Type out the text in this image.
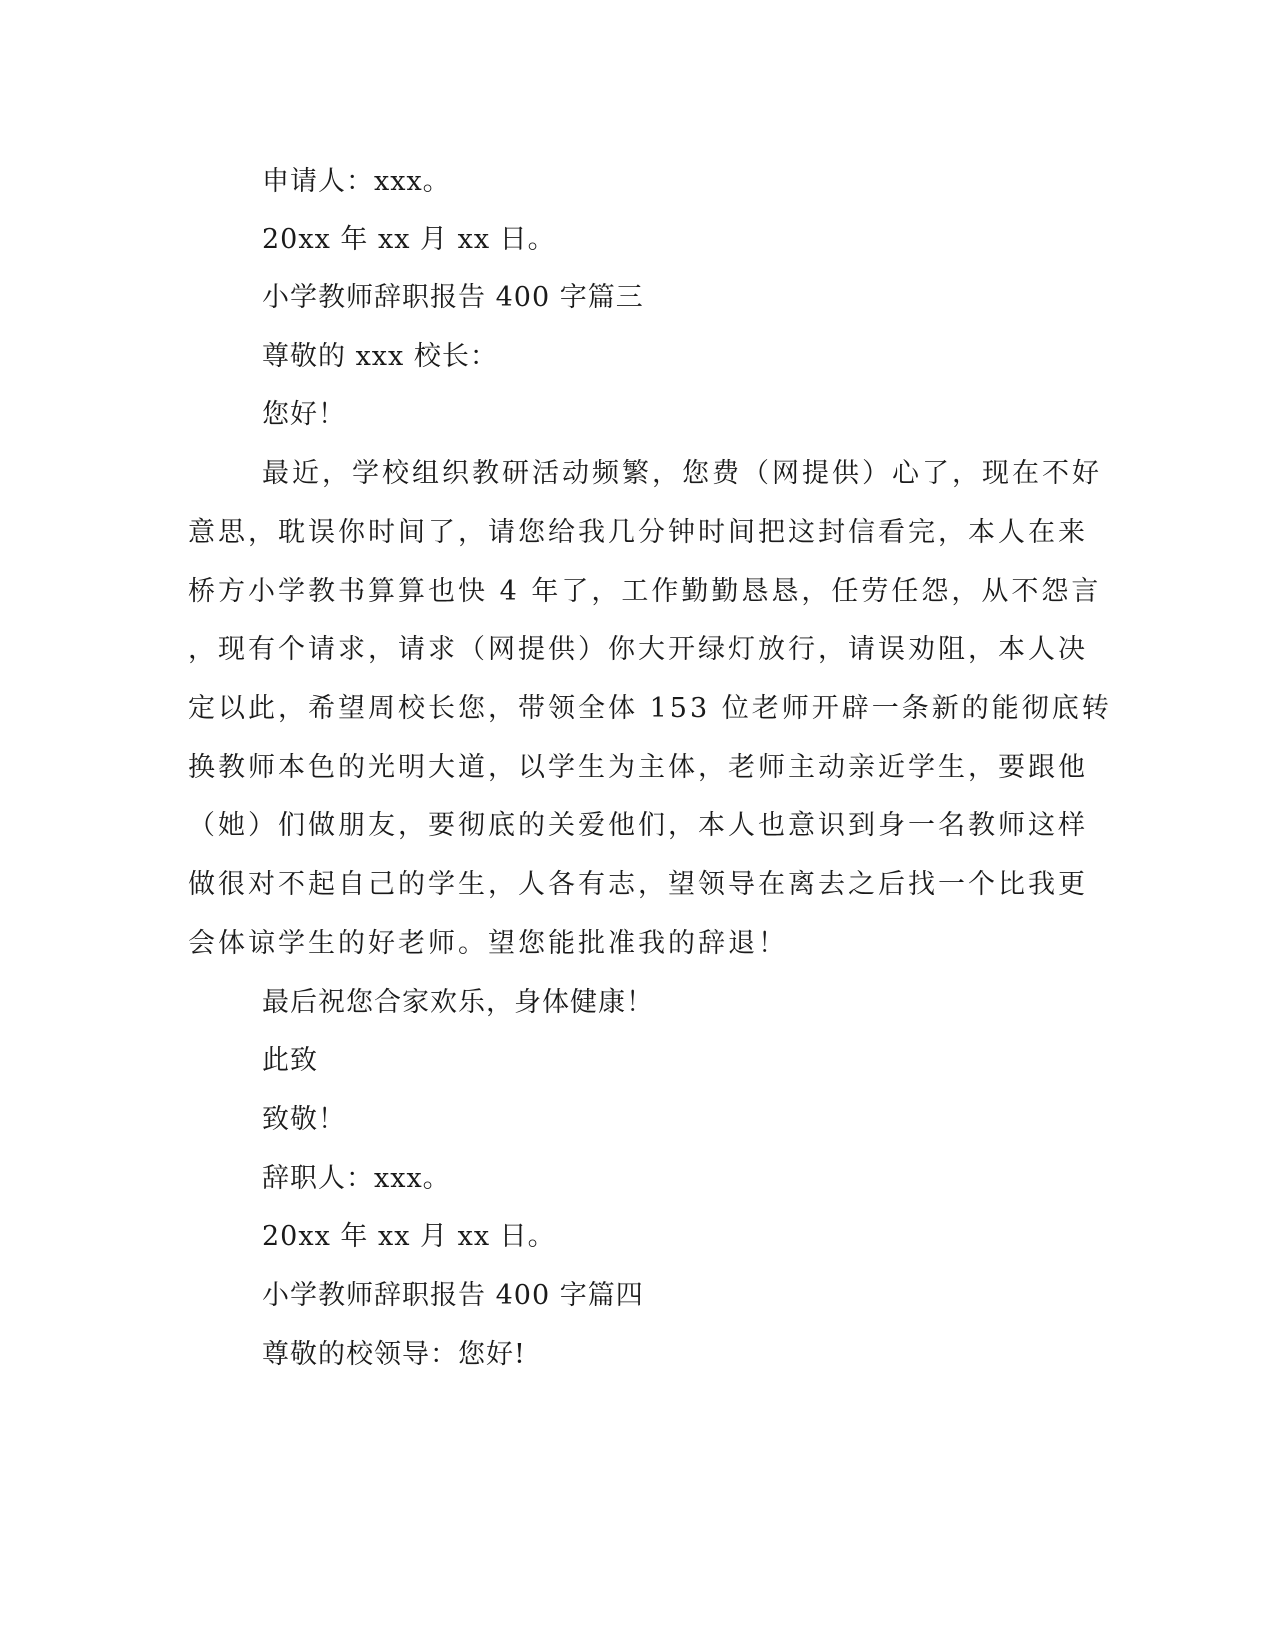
申请人：xxx。
20xx 年 xx 月 xx 日。
小学教师辞职报告 400 字篇三
尊敬的 xxx 校长：
您好！
最近，学校组织教研活动频繁，您费（网提供）心了，现在不好
意思，耽误你时间了，请您给我几分钟时间把这封信看完，本人在来
桥方小学教书算算也快 4 年了，工作勤勤恳恳，任劳任怨，从不怨言
，现有个请求，请求（网提供）你大开绿灯放行，请误劝阻，本人决
定以此，希望周校长您，带领全体 153 位老师开辟一条新的能彻底转
换教师本色的光明大道，以学生为主体，老师主动亲近学生，要跟他
（她）们做朋友，要彻底的关爱他们，本人也意识到身一名教师这样
做很对不起自己的学生，人各有志，望领导在离去之后找一个比我更
会体谅学生的好老师。望您能批准我的辞退！
最后祝您合家欢乐，身体健康！
此致
致敬！
辞职人：xxx。
20xx 年 xx 月 xx 日。
小学教师辞职报告 400 字篇四
尊敬的校领导：您好!
